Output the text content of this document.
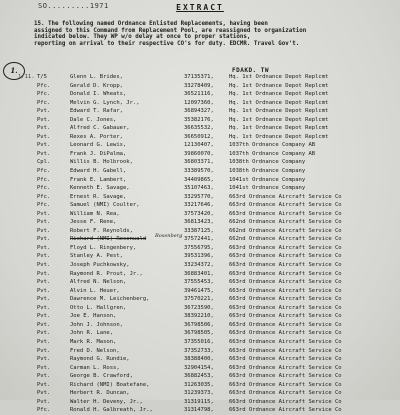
SO.........1971	EXTRACT
15. The following named Ordnance Enlisted Replacements, having been
assigned to this Command from Replacement Pool, are reassigned to organization
indicated below. They WP w/o delay at once to proper stations,
reporting on arrival to their respective CO's for duty. EDCMR. Travel Gov't.
FDAKD. TW
1.
1/11. T/5	Glenn L. Brides,	37135371,	Hq. 1st Ordnance Depot Replcmt
Pfc.	Gerald D. Kropp,	33278409,	Hq. 1st Ordnance Depot Replcmt
Pfc.	Donald I. Wheats,	36521116,	Hq. 1st Ordnance Depot Replcmt
Pfc.	Melvin G. Lynch, Jr.,	12097360,	Hq. 1st Ordnance Depot Replcmt
Pvt.	Edward T. Rafar,	36894327,	Hq. 1st Ordnance Depot Replcmt
Pvt.	Dale C. Jones,	35382176,	Hq. 1st Ordnance Depot Replcmt
Pvt.	Alfred C. Gabauer,	36635532,	Hq. 1st Ordnance Depot Replcmt
Pvt.	Rexes A. Porter,	36650912,	Hq. 1st Ordnance Depot Replcmt
Pvt.	Leonard G. Lewis,	12130407,	1037th Ordnance Company AB
Pvt.	Frank J. DiPalma,	39860070,	1037th Ordnance Company AB
Cpl.	Willis B. Holbrook,	36803371,	1038th Ordnance Company
Pfc.	Edward H. Gabell,	33389570,	1038th Ordnance Company
Pfc.	Frank E. Lambert,	34409865,	1041st Ordnance Company
Pfc.	Kenneth E. Savage,	35107463,	1041st Ordnance Company
Pfc.	Ernest R. Savage,	33295770,	663rd Ordnance Aircraft Service Co
Pfc.	Samuel (NMI) Coulter,	33217646,	663rd Ordnance Aircraft Service Co
Pvt.	William N. Rea,	37573420,	663rd Ordnance Aircraft Service Co
Pvt.	Jesse F. Rene,	36813423,	662nd Ordnance Aircraft Service Co
Pvt.	Robert F. Reynolds,	33387125,	662nd Ordnance Aircraft Service Co
Pvt.	Richard (NMI) Rosenwald	37572441,	662nd Ordnance Aircraft Service Co
Rosenberg
Pvt.	Floyd L. Ringenbery,	37556795,	663rd Ordnance Aircraft Service Co
Pvt.	Stanley A. Pest,	39531396,	663rd Ordnance Aircraft Service Co
Pvt.	Joseph Puchkowsky,	33234372,	663rd Ordnance Aircraft Service Co
Pvt.	Raymond R. Prout, Jr.,	36883401,	663rd Ordnance Aircraft Service Co
Pvt.	Alfred N. Nelson,	37555453,	663rd Ordnance Aircraft Service Co
Pvt.	Alvin L. Heuer,	39461475,	663rd Ordnance Aircraft Service Co
Pvt.	Dawrence M. Leichenberg,	37570221,	663rd Ordnance Aircraft Service Co
Pvt.	Otto L. Hallgren,	36723590,	663rd Ordnance Aircraft Service Co
Pvt.	Joe E. Hanson,	38392210,	663rd Ordnance Aircraft Service Co
Pvt.	John J. Johnson,	36798506,	663rd Ordnance Aircraft Service Co
Pvt.	John R. Lane,	36798505,	663rd Ordnance Aircraft Service Co
Pvt.	Mark R. Mason,	37355016,	663rd Ordnance Aircraft Service Co
Pvt.	Fred D. Nelson,	37352733,	663rd Ordnance Aircraft Service Co
Pvt.	Raymond G. Rundie,	38388400,	663rd Ordnance Aircraft Service Co
Pvt.	Carman L. Ross,	32904154,	663rd Ordnance Aircraft Service Co
Pvt.	George B. Crawford,	36882453,	663rd Ordnance Aircraft Service Co
Pvt.	Richard (NMI) Boatefane,	31263035,	663rd Ordnance Aircraft Service Co
Pvt.	Herbert R. Duncan,	31239373,	663rd Ordnance Aircraft Service Co
Pvt.	Walter H. Deveny, Jr.,	31319115,	663rd Ordnance Aircraft Service Co
Pfc.	Ronald H. Galbreath, Jr.,	31314798,	663rd Ordnance Aircraft Service Co
